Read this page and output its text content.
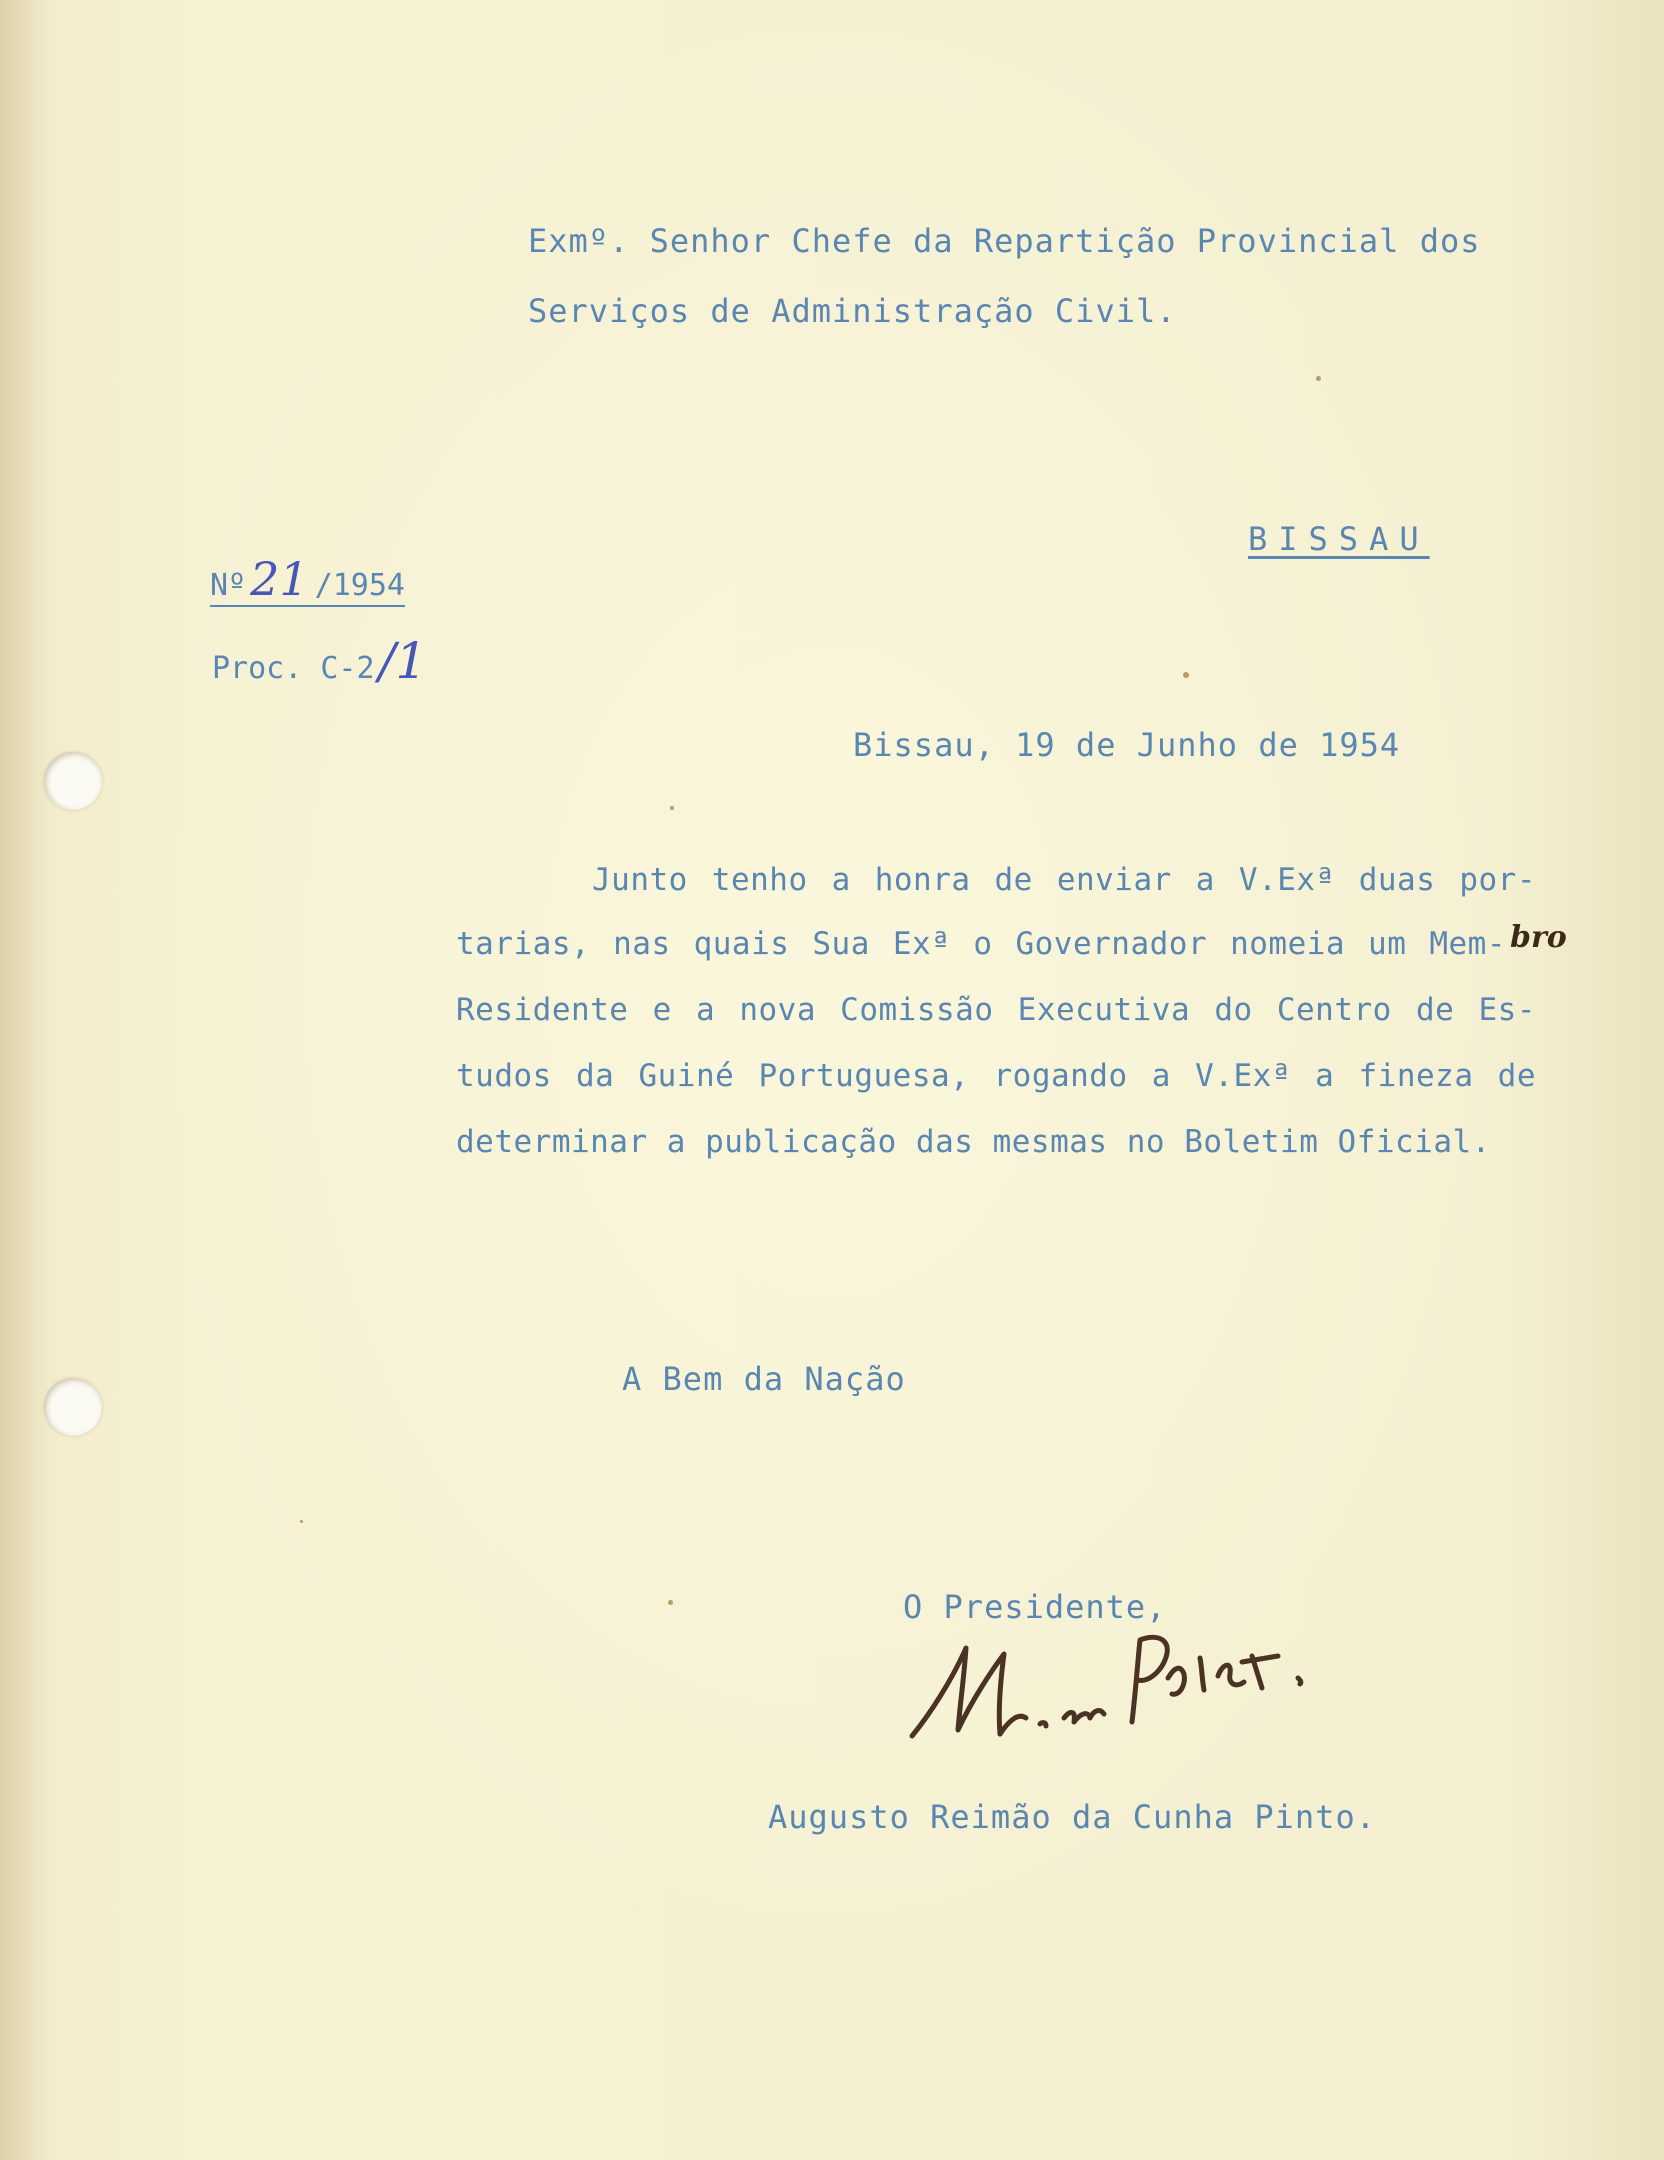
Exmº. Senhor Chefe da Repartição Provincial dos

Serviços de Administração Civil.

BISSAU

Nº21 /1954
Proc. C-2/1

Bissau, 19 de Junho de 1954

Junto tenho a honra de enviar a V.Exª duas por-

tarias, nas quais Sua Exª o Governador nomeia um Mem- bro

Residente e a nova Comissão Executiva do Centro de Es-

tudos da Guiné Portuguesa, rogando a V.Exª a fineza de

determinar a publicação das mesmas no Boletim Oficial.

A Bem da Nação

O Presidente,

Augusto Reimão da Cunha Pinto.
